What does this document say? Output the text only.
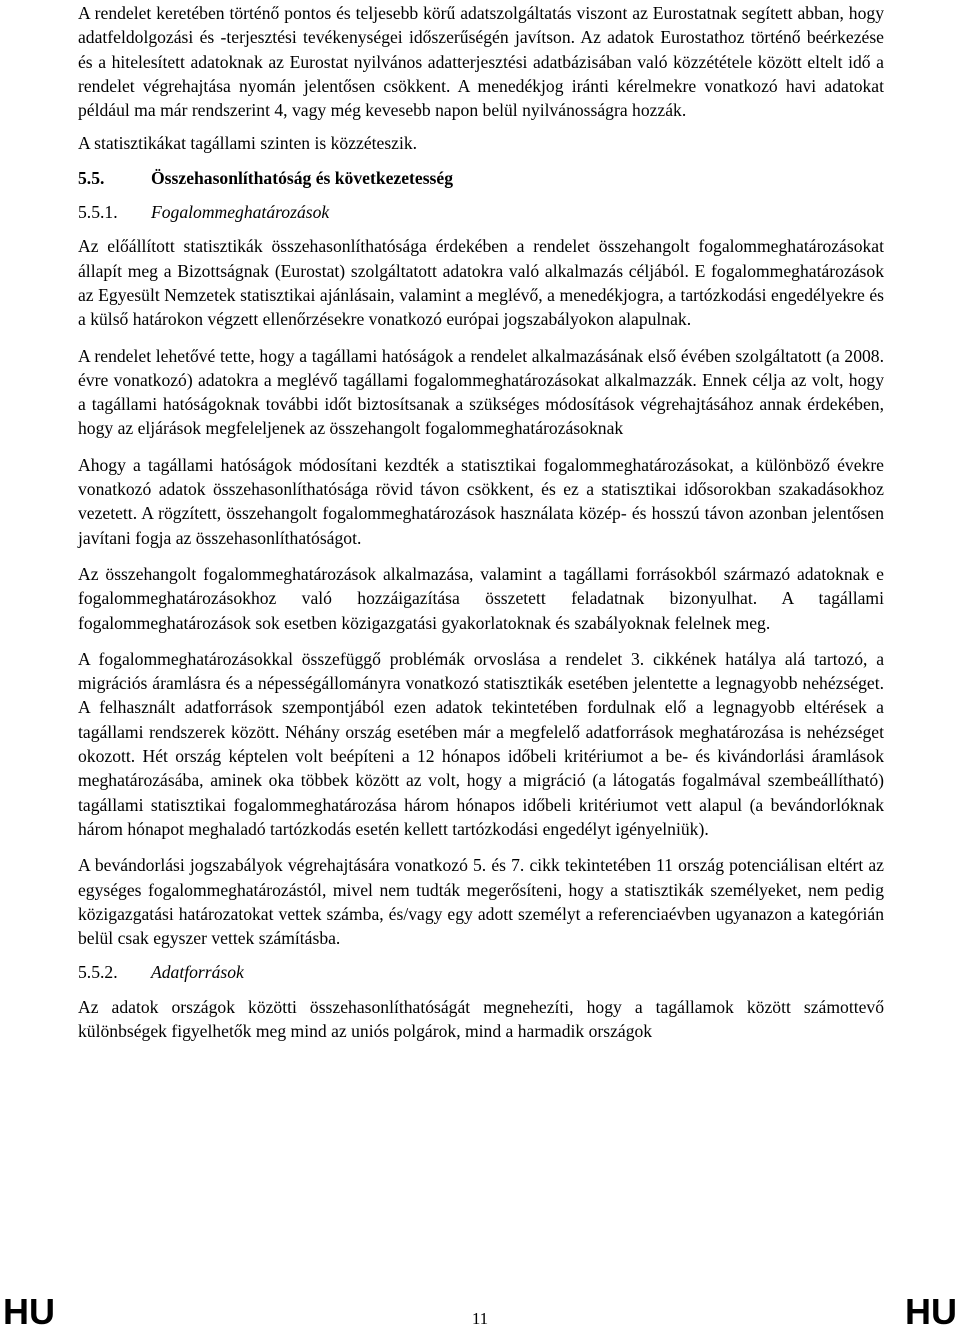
A rendelet keretében történő pontos és teljesebb körű adatszolgáltatás viszont az Eurostatnak segített abban, hogy adatfeldolgozási és -terjesztési tevékenységei időszerűségén javítson. Az adatok Eurostathoz történő beérkezése és a hitelesített adatoknak az Eurostat nyilvános adatterjesztési adatbázisában való közzététele között eltelt idő a rendelet végrehajtása nyomán jelentősen csökkent. A menedékjog iránti kérelmekre vonatkozó havi adatokat például ma már rendszerint 4, vagy még kevesebb napon belül nyilvánosságra hozzák.

A statisztikákat tagállami szinten is közzéteszik.

5.5.	Összehasonlíthatóság és következetesség
5.5.1.	Fogalommeghatározások

Az előállított statisztikák összehasonlíthatósága érdekében a rendelet összehangolt fogalommeghatározásokat állapít meg a Bizottságnak (Eurostat) szolgáltatott adatokra való alkalmazás céljából. E fogalommeghatározások az Egyesült Nemzetek statisztikai ajánlásain, valamint a meglévő, a menedékjogra, a tartózkodási engedélyekre és a külső határokon végzett ellenőrzésekre vonatkozó európai jogszabályokon alapulnak.

A rendelet lehetővé tette, hogy a tagállami hatóságok a rendelet alkalmazásának első évében szolgáltatott (a 2008. évre vonatkozó) adatokra a meglévő tagállami fogalommeghatározásokat alkalmazzák. Ennek célja az volt, hogy a tagállami hatóságoknak további időt biztosítsanak a szükséges módosítások végrehajtásához annak érdekében, hogy az eljárások megfeleljenek az összehangolt fogalommeghatározásoknak

Ahogy a tagállami hatóságok módosítani kezdték a statisztikai fogalommeghatározásokat, a különböző évekre vonatkozó adatok összehasonlíthatósága rövid távon csökkent, és ez a statisztikai idősorokban szakadásokhoz vezetett. A rögzített, összehangolt fogalommeghatározások használata közép- és hosszú távon azonban jelentősen javítani fogja az összehasonlíthatóságot.

Az összehangolt fogalommeghatározások alkalmazása, valamint a tagállami forrásokból származó adatoknak e fogalommeghatározásokhoz való hozzáigazítása összetett feladatnak bizonyulhat. A tagállami fogalommeghatározások sok esetben közigazgatási gyakorlatoknak és szabályoknak felelnek meg.

A fogalommeghatározásokkal összefüggő problémák orvoslása a rendelet 3. cikkének hatálya alá tartozó, a migrációs áramlásra és a népességállományra vonatkozó statisztikák esetében jelentette a legnagyobb nehézséget. A felhasznált adatforrások szempontjából ezen adatok tekintetében fordulnak elő a legnagyobb eltérések a tagállami rendszerek között. Néhány ország esetében már a megfelelő adatforrások meghatározása is nehézséget okozott. Hét ország képtelen volt beépíteni a 12 hónapos időbeli kritériumot a be- és kivándorlási áramlások meghatározásába, aminek oka többek között az volt, hogy a migráció (a látogatás fogalmával szembeállítható) tagállami statisztikai fogalommeghatározása három hónapos időbeli kritériumot vett alapul (a bevándorlóknak három hónapot meghaladó tartózkodás esetén kellett tartózkodási engedélyt igényelniük).

A bevándorlási jogszabályok végrehajtására vonatkozó 5. és 7. cikk tekintetében 11 ország potenciálisan eltért az egységes fogalommeghatározástól, mivel nem tudták megerősíteni, hogy a statisztikák személyeket, nem pedig közigazgatási határozatokat vettek számba, és/vagy egy adott személyt a referenciaévben ugyanazon a kategórián belül csak egyszer vettek számításba.

5.5.2.	Adatforrások

Az adatok országok közötti összehasonlíthatóságát megnehezíti, hogy a tagállamok között számottevő különbségek figyelhetők meg mind az uniós polgárok, mind a harmadik országok

HU	11	HU
